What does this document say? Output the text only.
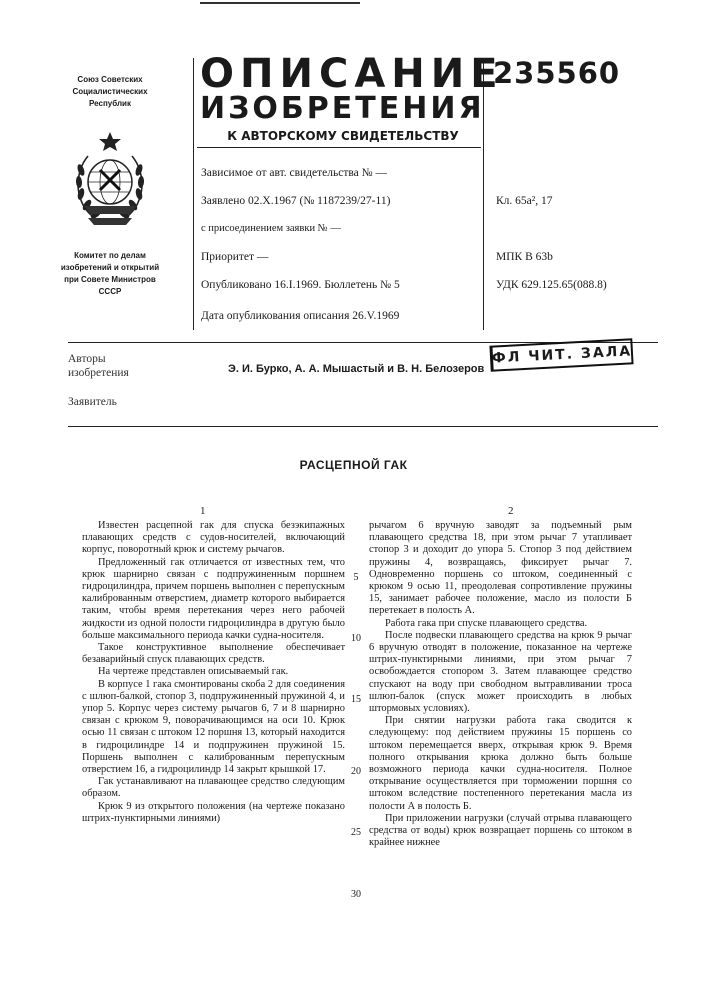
Союз Советских
Социалистических
Республик
Комитет по делам
изобретений и открытий
при Совете Министров
СССР
ОПИСАНИЕ
ИЗОБРЕТЕНИЯ
К АВТОРСКОМУ СВИДЕТЕЛЬСТВУ
235560
Зависимое от авт. свидетельства № —
Заявлено 02.X.1967 (№ 1187239/27-11)
с присоединением заявки № —
Приоритет —
Опубликовано 16.I.1969. Бюллетень № 5
Дата опубликования описания 26.V.1969
Кл. 65а², 17
МПК B 63b
УДК 629.125.65(088.8)
Авторы
изобретения	Э. И. Бурко, А. А. Мышастый и В. Н. Белозеров
ФЛ ЧИТ. ЗАЛА
Заявитель
РАСЦЕПНОЙ ГАК
1	2

Известен расцепной гак для спуска безэкипажных плавающих средств с судов-носителей, включающий корпус, поворотный крюк и систему рычагов.

Предложенный гак отличается от известных тем, что крюк шарнирно связан с подпружиненным поршнем гидроцилиндра, причем поршень выполнен с перепускным калиброванным отверстием, диаметр которого выбирается таким, чтобы время перетекания через него рабочей жидкости из одной полости гидроцилиндра в другую было больше максимального периода качки судна-носителя.

Такое конструктивное выполнение обеспечивает безаварийный спуск плавающих средств.

На чертеже представлен описываемый гак.

В корпусе 1 гака смонтированы скоба 2 для соединения с шлюп-балкой, стопор 3, подпружиненный пружиной 4, и упор 5. Корпус через систему рычагов 6, 7 и 8 шарнирно связан с крюком 9, поворачивающимся на оси 10. Крюк осью 11 связан с штоком 12 поршня 13, который находится в гидроцилиндре 14 и подпружинен пружиной 15. Поршень выполнен с калиброванным перепускным отверстием 16, а гидроцилиндр 14 закрыт крышкой 17.

Гак устанавливают на плавающее средство следующим образом.

Крюк 9 из открытого положения (на чертеже показано штрих-пунктирными линиями)

5
10
15
20
25
30

рычагом 6 вручную заводят за подъемный рым плавающего средства 18, при этом рычаг 7 утапливает стопор 3 и доходит до упора 5. Стопор 3 под действием пружины 4, возвращаясь, фиксирует рычаг 7. Одновременно поршень со штоком, соединенный с крюком 9 осью 11, преодолевая сопротивление пружины 15, занимает рабочее положение, масло из полости Б перетекает в полость А.

Работа гака при спуске плавающего средства.

После подвески плавающего средства на крюк 9 рычаг 6 вручную отводят в положение, показанное на чертеже штрих-пунктирными линиями, при этом рычаг 7 освобождается стопором 3. Затем плавающее средство спускают на воду при свободном вытравливании троса шлюп-балок (спуск может происходить в любых штормовых условиях).

При снятии нагрузки работа гака сводится к следующему: под действием пружины 15 поршень со штоком перемещается вверх, открывая крюк 9. Время полного открывания крюка должно быть больше возможного периода качки судна-носителя. Полное открывание осуществляется при торможении поршня со штоком вследствие постепенного перетекания масла из полости А в полость Б.

При приложении нагрузки (случай отрыва плавающего средства от воды) крюк возвращает поршень со штоком в крайнее нижнее
